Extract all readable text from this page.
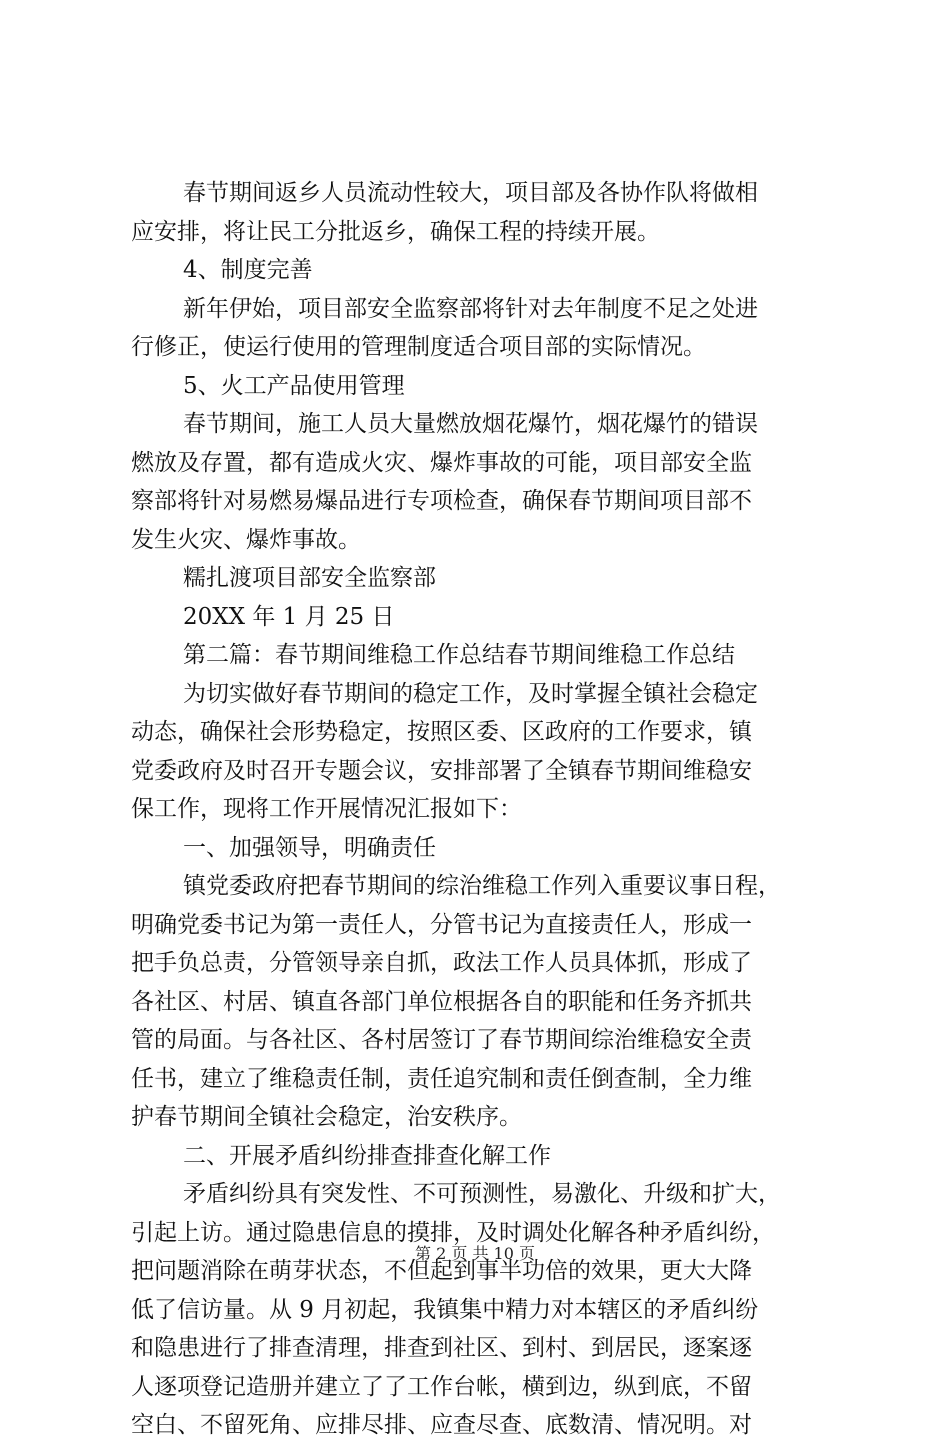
春节期间返乡人员流动性较大，项目部及各协作队将做相
应安排，将让民工分批返乡，确保工程的持续开展。
4、制度完善
新年伊始，项目部安全监察部将针对去年制度不足之处进
行修正，使运行使用的管理制度适合项目部的实际情况。
5、火工产品使用管理
春节期间，施工人员大量燃放烟花爆竹，烟花爆竹的错误
燃放及存置，都有造成火灾、爆炸事故的可能，项目部安全监
察部将针对易燃易爆品进行专项检查，确保春节期间项目部不
发生火灾、爆炸事故。
糯扎渡项目部安全监察部
20XX 年 1 月 25 日
第二篇：春节期间维稳工作总结春节期间维稳工作总结
为切实做好春节期间的稳定工作，及时掌握全镇社会稳定
动态，确保社会形势稳定，按照区委、区政府的工作要求，镇
党委政府及时召开专题会议，安排部署了全镇春节期间维稳安
保工作，现将工作开展情况汇报如下：
一、加强领导，明确责任
镇党委政府把春节期间的综治维稳工作列入重要议事日程，
明确党委书记为第一责任人，分管书记为直接责任人，形成一
把手负总责，分管领导亲自抓，政法工作人员具体抓，形成了
各社区、村居、镇直各部门单位根据各自的职能和任务齐抓共
管的局面。与各社区、各村居签订了春节期间综治维稳安全责
任书，建立了维稳责任制，责任追究制和责任倒查制，全力维
护春节期间全镇社会稳定，治安秩序。
二、开展矛盾纠纷排查排查化解工作
矛盾纠纷具有突发性、不可预测性，易激化、升级和扩大，
引起上访。通过隐患信息的摸排，及时调处化解各种矛盾纠纷，
把问题消除在萌芽状态，不但起到事半功倍的效果，更大大降
低了信访量。从 9 月初起，我镇集中精力对本辖区的矛盾纠纷
和隐患进行了排查清理，排查到社区、到村、到居民，逐案逐
人逐项登记造册并建立了了工作台帐，横到边，纵到底，不留
空白、不留死角、应排尽排、应查尽查、底数清、情况明。对
第 2 页 共 10 页
